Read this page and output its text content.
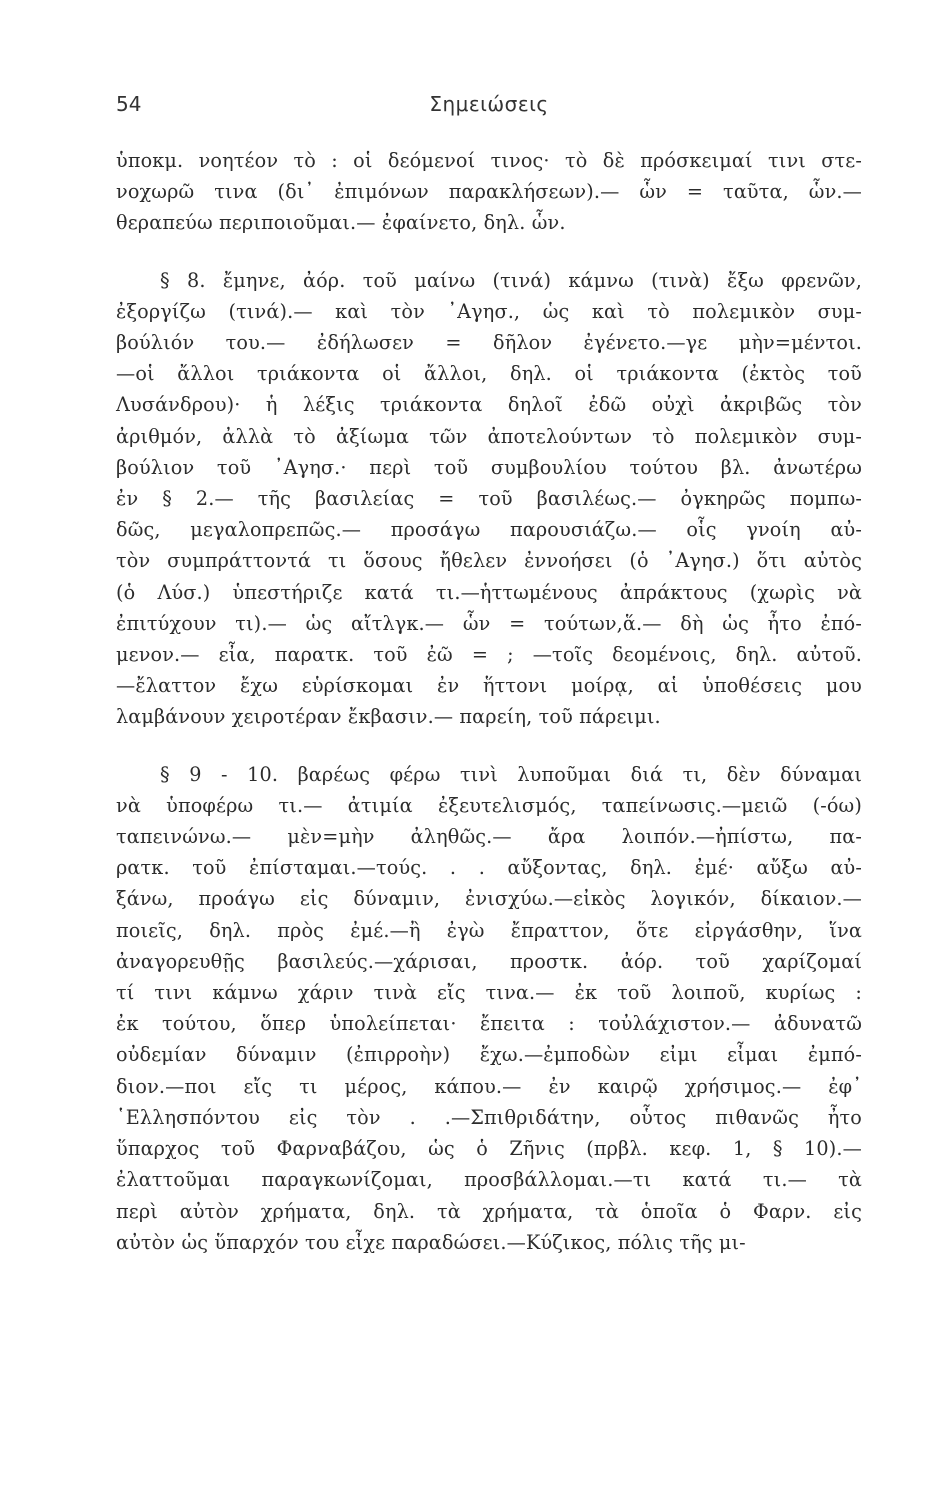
54	Σημειώσεις
ὑποκμ. νοητέον τὸ : οἱ δεόμενοί τινος· τὸ δὲ πρόσκειμαί τινι στε-
νοχωρῶ τινα (δι᾽ ἐπιμόνων παρακλήσεων).— ὧν = ταῦτα, ὧν.—
θεραπεύω περιποιοῦμαι.— ἐφαίνετο, δηλ. ὧν.
§ 8. ἔμηνε, ἀόρ. τοῦ μαίνω (τινά) κάμνω (τινὰ) ἔξω φρενῶν,
ἐξοργίζω (τινά).— καὶ τὸν ᾿Αγησ., ὡς καὶ τὸ πολεμικὸν συμ-
βούλιόν του.— ἐδήλωσεν = δῆλον ἐγένετο.—γε μὴν=μέντοι.
—οἱ ἄλλοι τριάκοντα οἱ ἄλλοι, δηλ. οἱ τριάκοντα (ἐκτὸς τοῦ
Λυσάνδρου)· ἡ λέξις τριάκοντα δηλοῖ ἐδῶ οὐχὶ ἀκριβῶς τὸν
ἀριθμόν, ἀλλὰ τὸ ἀξίωμα τῶν ἀποτελούντων τὸ πολεμικὸν συμ-
βούλιον τοῦ ᾿Αγησ.· περὶ τοῦ συμβουλίου τούτου βλ. ἀνωτέρω
ἐν § 2.— τῆς βασιλείας = τοῦ βασιλέως.— ὀγκηρῶς πομπω-
δῶς, μεγαλοπρεπῶς.— προσάγω παρουσιάζω.— οἷς γνοίη αὐ-
τὸν συμπράττοντά τι ὅσους ἤθελεν ἐννοήσει (ὁ ᾿Αγησ.) ὅτι αὐτὸς
(ὁ Λύσ.) ὑπεστήριζε κατά τι.—ἡττωμένους ἀπράκτους (χωρὶς νὰ
ἐπιτύχουν τι).— ὡς αἴτλγκ.— ὧν = τούτων,ἅ.— δὴ ὡς ἦτο ἐπό-
μενον.— εἶα, παρατκ. τοῦ ἐῶ = ; —τοῖς δεομένοις, δηλ. αὐτοῦ.
—ἔλαττον ἔχω εὑρίσκομαι ἐν ἥττονι μοίρᾳ, αἱ ὑποθέσεις μου
λαμβάνουν χειροτέραν ἔκβασιν.— παρείη, τοῦ πάρειμι.
§ 9 - 10. βαρέως φέρω τινὶ λυποῦμαι διά τι, δὲν δύναμαι
νὰ ὑποφέρω τι.— ἀτιμία ἐξευτελισμός, ταπείνωσις.—μειῶ (-όω)
ταπεινώνω.— μὲν=μὴν ἀληθῶς.— ἄρα λοιπόν.—ἠπίστω, πα-
ρατκ. τοῦ ἐπίσταμαι.—τούς. . . αὔξοντας, δηλ. ἐμέ· αὔξω αὐ-
ξάνω, προάγω εἰς δύναμιν, ἐνισχύω.—εἰκὸς λογικόν, δίκαιον.—
ποιεῖς, δηλ. πρὸς ἐμέ.—ἢ ἐγὼ ἔπραττον, ὅτε εἰργάσθην, ἵνα
ἀναγορευθῇς βασιλεύς.—χάρισαι, προστκ. ἀόρ. τοῦ χαρίζομαί
τί τινι κάμνω χάριν τινὰ εἴς τινα.— ἐκ τοῦ λοιποῦ, κυρίως :
ἐκ τούτου, ὅπερ ὑπολείπεται· ἔπειτα : τοὐλάχιστον.— ἀδυνατῶ
οὐδεμίαν δύναμιν (ἐπιρροὴν) ἔχω.—ἐμποδὼν εἰμι εἶμαι ἐμπό-
διον.—ποι εἴς τι μέρος, κάπου.— ἐν καιρῷ χρήσιμος.— ἐφ᾽
῾Ελλησπόντου εἰς τὸν . .—Σπιθριδάτην, οὗτος πιθανῶς ἦτο
ὕπαρχος τοῦ Φαρναβάζου, ὡς ὁ Ζῆνις (πρβλ. κεφ. 1, § 10).—
ἐλαττοῦμαι παραγκωνίζομαι, προσβάλλομαι.—τι κατά τι.— τὰ
περὶ αὐτὸν χρήματα, δηλ. τὰ χρήματα, τὰ ὁποῖα ὁ Φαρν. εἰς
αὐτὸν ὡς ὕπαρχόν του εἶχε παραδώσει.—Κύζικος, πόλις τῆς μι-
